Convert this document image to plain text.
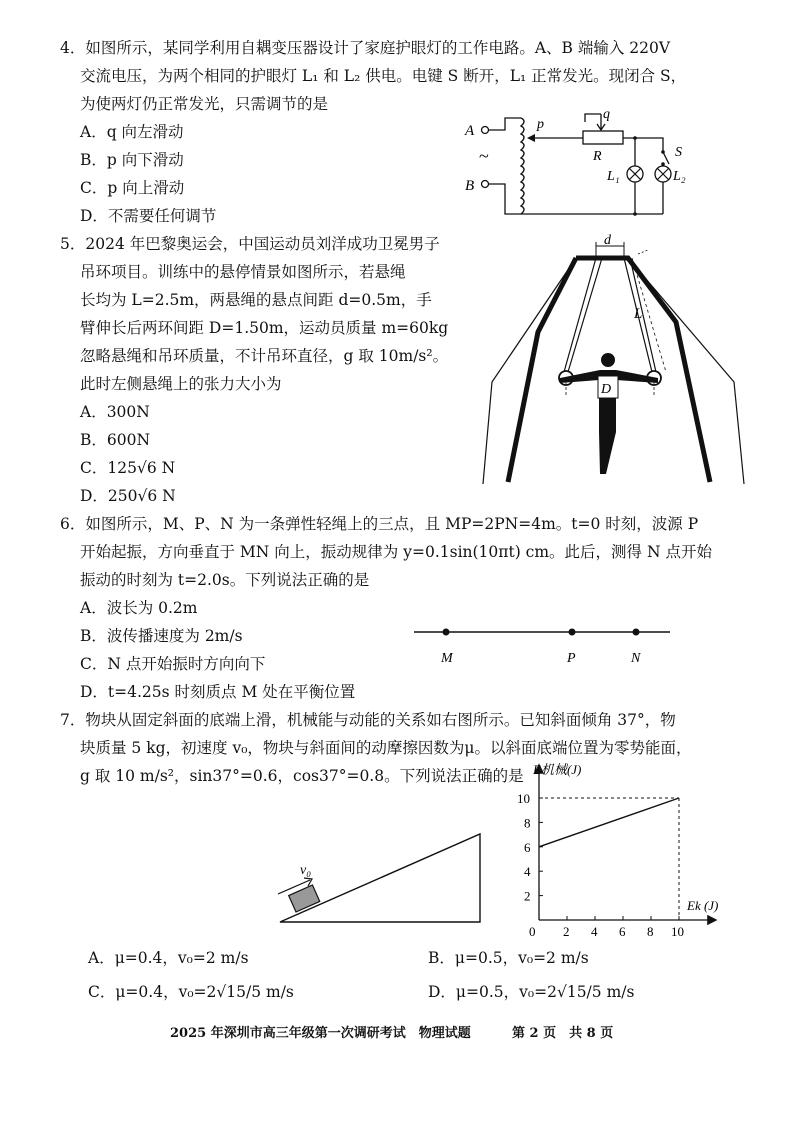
4．如图所示，某同学利用自耦变压器设计了家庭护眼灯的工作电路。A、B 端输入 220V
交流电压，为两个相同的护眼灯 L₁ 和 L₂ 供电。电键 S 断开，L₁ 正常发光。现闭合 S，
为使两灯仍正常发光，只需调节的是
A．q 向左滑动
B．p 向下滑动
C．p 向上滑动
D．不需要任何调节
A
B
~
p
R
q
L₁
S
L₂
5．2024 年巴黎奥运会，中国运动员刘洋成功卫冕男子
吊环项目。训练中的悬停情景如图所示，若悬绳
长均为 L=2.5m，两悬绳的悬点间距 d=0.5m，手
臂伸长后两环间距 D=1.50m，运动员质量 m=60kg
忽略悬绳和吊环质量，不计吊环直径，g 取 10m/s²。
此时左侧悬绳上的张力大小为
A．300N
B．600N
C．125√6 N
D．250√6 N
d
L
D
6．如图所示，M、P、N 为一条弹性轻绳上的三点，且 MP=2PN=4m。t=0 时刻，波源 P
开始起振，方向垂直于 MN 向上，振动规律为 y=0.1sin(10πt) cm。此后，测得 N 点开始
振动的时刻为 t=2.0s。下列说法正确的是
A．波长为 0.2m
B．波传播速度为 2m/s
C．N 点开始振时方向向下
D．t=4.25s 时刻质点 M 处在平衡位置
M	P	N
7．物块从固定斜面的底端上滑，机械能与动能的关系如右图所示。已知斜面倾角 37°，物
块质量 5 kg，初速度 v₀，物块与斜面间的动摩擦因数为μ。以斜面底端位置为零势能面，
g 取 10 m/s²，sin37°=0.6，cos37°=0.8。下列说法正确的是
v₀
E机械(J)
Ek (J)
0 2 4 6 8 10
2
4
6
8
10
A．μ=0.4，v₀=2 m/s	B．μ=0.5，v₀=2 m/s
C．μ=0.4，v₀=2√15/5 m/s	D．μ=0.5，v₀=2√15/5 m/s
2025 年深圳市高三年级第一次调研考试　物理试题	第 2 页　共 8 页
